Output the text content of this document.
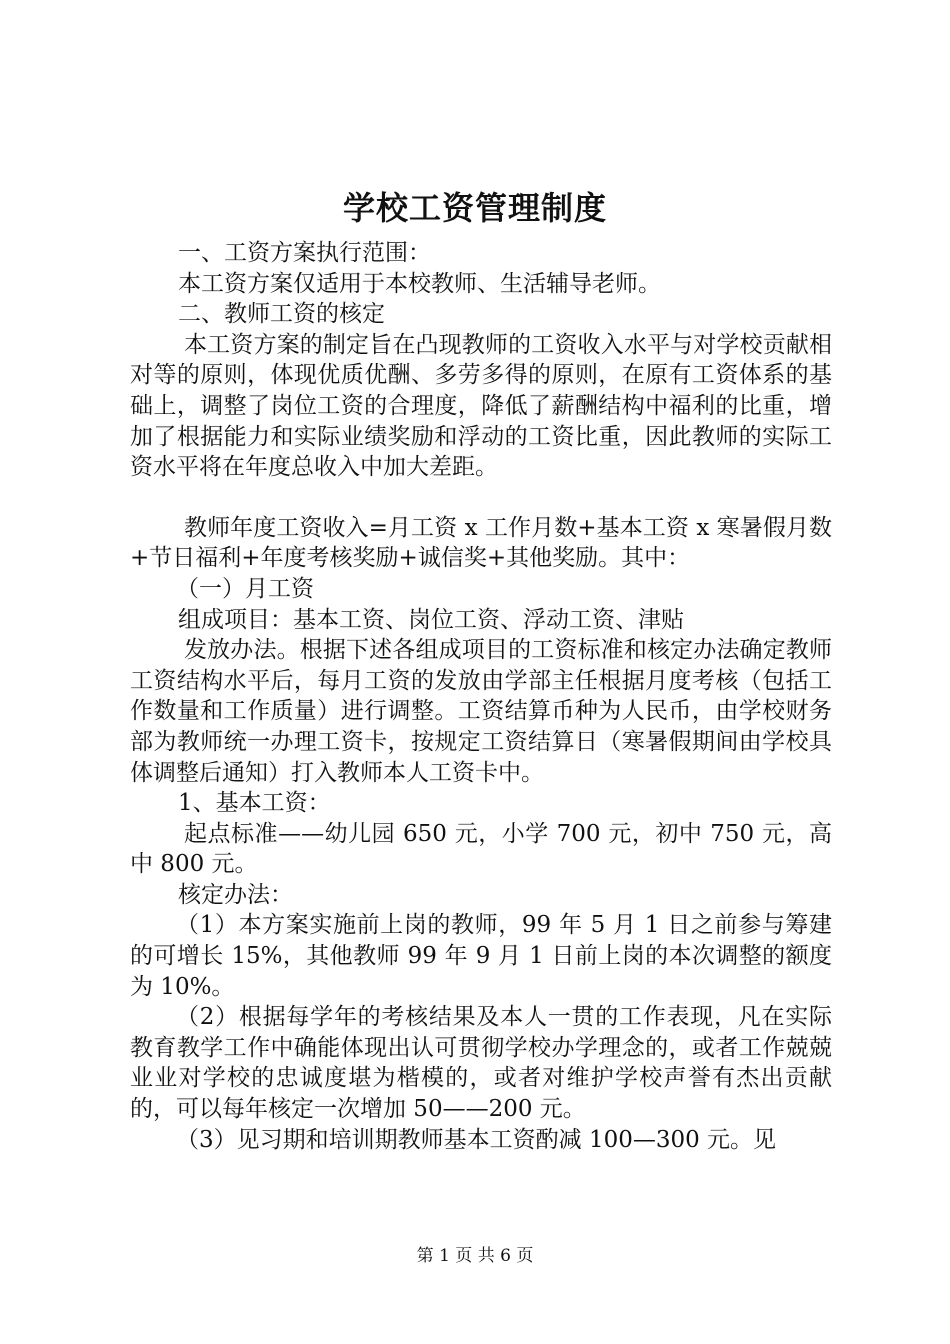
学校工资管理制度

一、工资方案执行范围：

本工资方案仅适用于本校教师、生活辅导老师。

二、教师工资的核定

本工资方案的制定旨在凸现教师的工资收入水平与对学校贡献相对等的原则，体现优质优酬、多劳多得的原则，在原有工资体系的基础上，调整了岗位工资的合理度，降低了薪酬结构中福利的比重，增加了根据能力和实际业绩奖励和浮动的工资比重，因此教师的实际工资水平将在年度总收入中加大差距。

教师年度工资收入=月工资 x 工作月数+基本工资 x 寒暑假月数+节日福利+年度考核奖励+诚信奖+其他奖励。其中：

（一）月工资

组成项目：基本工资、岗位工资、浮动工资、津贴

发放办法。根据下述各组成项目的工资标准和核定办法确定教师工资结构水平后，每月工资的发放由学部主任根据月度考核（包括工作数量和工作质量）进行调整。工资结算币种为人民币，由学校财务部为教师统一办理工资卡，按规定工资结算日（寒暑假期间由学校具体调整后通知）打入教师本人工资卡中。

1、基本工资：

起点标准——幼儿园 650 元，小学 700 元，初中 750 元，高中 800 元。

核定办法：

（1）本方案实施前上岗的教师，99 年 5 月 1 日之前参与筹建的可增长 15%，其他教师 99 年 9 月 1 日前上岗的本次调整的额度为 10%。

（2）根据每学年的考核结果及本人一贯的工作表现，凡在实际教育教学工作中确能体现出认可贯彻学校办学理念的，或者工作兢兢业业对学校的忠诚度堪为楷模的，或者对维护学校声誉有杰出贡献的，可以每年核定一次增加 50——200 元。

（3）见习期和培训期教师基本工资酌减 100—300 元。见

第 1 页 共 6 页
